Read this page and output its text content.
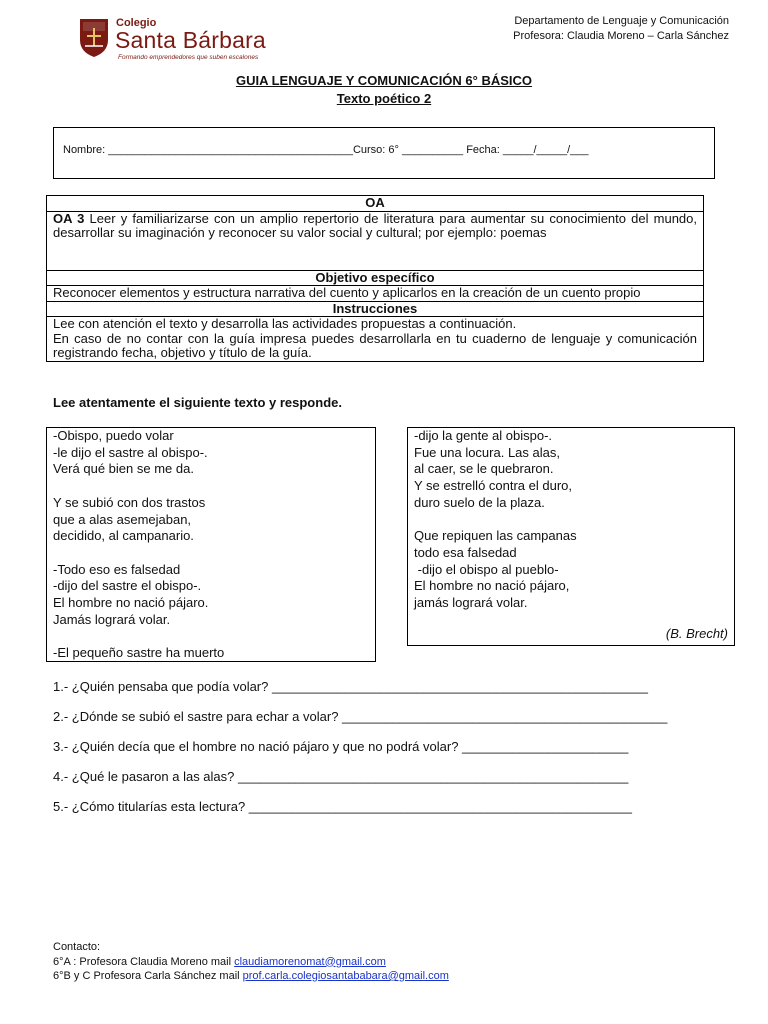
Colegio
Santa Bárbara
Formando emprendedores que suben escalones
Departamento de Lenguaje y Comunicación
Profesora: Claudia Moreno – Carla Sánchez
GUIA LENGUAJE Y COMUNICACIÓN 6° BÁSICO
Texto poético 2
Nombre: ________________________________________Curso: 6° __________ Fecha: _____/_____/___
OA
OA 3 Leer y familiarizarse con un amplio repertorio de literatura para aumentar su conocimiento del mundo, desarrollar su imaginación y reconocer su valor social y cultural; por ejemplo: poemas
Objetivo específico
Reconocer elementos y estructura narrativa del cuento y aplicarlos en la creación de un cuento propio
Instrucciones

Lee con atención el texto y desarrolla las actividades propuestas a continuación.
En caso de no contar con la guía impresa puedes desarrollarla en tu cuaderno de lenguaje y comunicación registrando fecha, objetivo y título de la guía.
Lee atentamente el siguiente texto y responde.
-Obispo, puedo volar
-le dijo el sastre al obispo-.
Verá qué bien se me da.
Y se subió con dos trastos
que a alas asemejaban,
decidido, al campanario.
-Todo eso es falsedad
-dijo del sastre el obispo-.
El hombre no nació pájaro.
Jamás logrará volar.
-El pequeño sastre ha muerto
-dijo la gente al obispo-.
Fue una locura. Las alas,
al caer, se le quebraron.
Y se estrelló contra el duro,
duro suelo de la plaza.
Que repiquen las campanas
todo esa falsedad
-dijo el obispo al pueblo-
El hombre no nació pájaro,
jamás logrará volar.
(B. Brecht)
1.- ¿Quién pensaba que podía volar? ____________________________________________________
2.- ¿Dónde se subió el sastre para echar a volar? _____________________________________________
3.- ¿Quién decía que el hombre no nació pájaro y que no podrá volar? _______________________
4.- ¿Qué le pasaron a las alas? ______________________________________________________
5.- ¿Cómo titularías esta lectura? _____________________________________________________
Contacto:
6°A : Profesora Claudia Moreno mail claudiamorenomat@gmail.com
6°B y C Profesora Carla Sánchez mail prof.carla.colegiosantababara@gmail.com
